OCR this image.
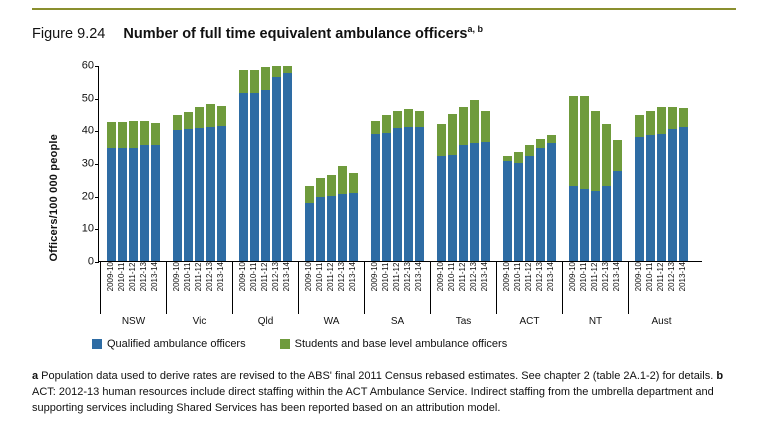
Figure 9.24 Number of full time equivalent ambulance officers$^{a, b}$
Officers/100 000 people	0
10
20
30
40
50
60
2009-10 2010-11 2011-12 2012-13 2013-14 2009-10 2010-11 2011-12 2012-13 2013-14 2009-10 2010-11 2011-12 2012-13 2013-14 2009-10 2010-11 2011-12 2012-13 2013-14 2009-10 2010-11 2011-12 2012-13 2013-14 2009-10 2010-11 2011-12 2012-13 2013-14 2009-10 2010-11 2011-12 2012-13 2013-14 2009-10 2010-11 2011-12 2012-13 2013-14 2009-10 2010-11 2011-12 2012-13 2013-14
NSW	Vic	Qld	WA	SA	Tas	ACT	NT	Aust
Qualified ambulance officers	Students and base level ambulance officers
a Population data used to derive rates are revised to the ABS' final 2011 Census rebased estimates. See chapter 2 (table 2A.1-2) for details. b ACT: 2012-13 human resources include direct staffing within the ACT Ambulance Service. Indirect staffing from the umbrella department and supporting services including Shared Services has been reported based on an attribution model.
